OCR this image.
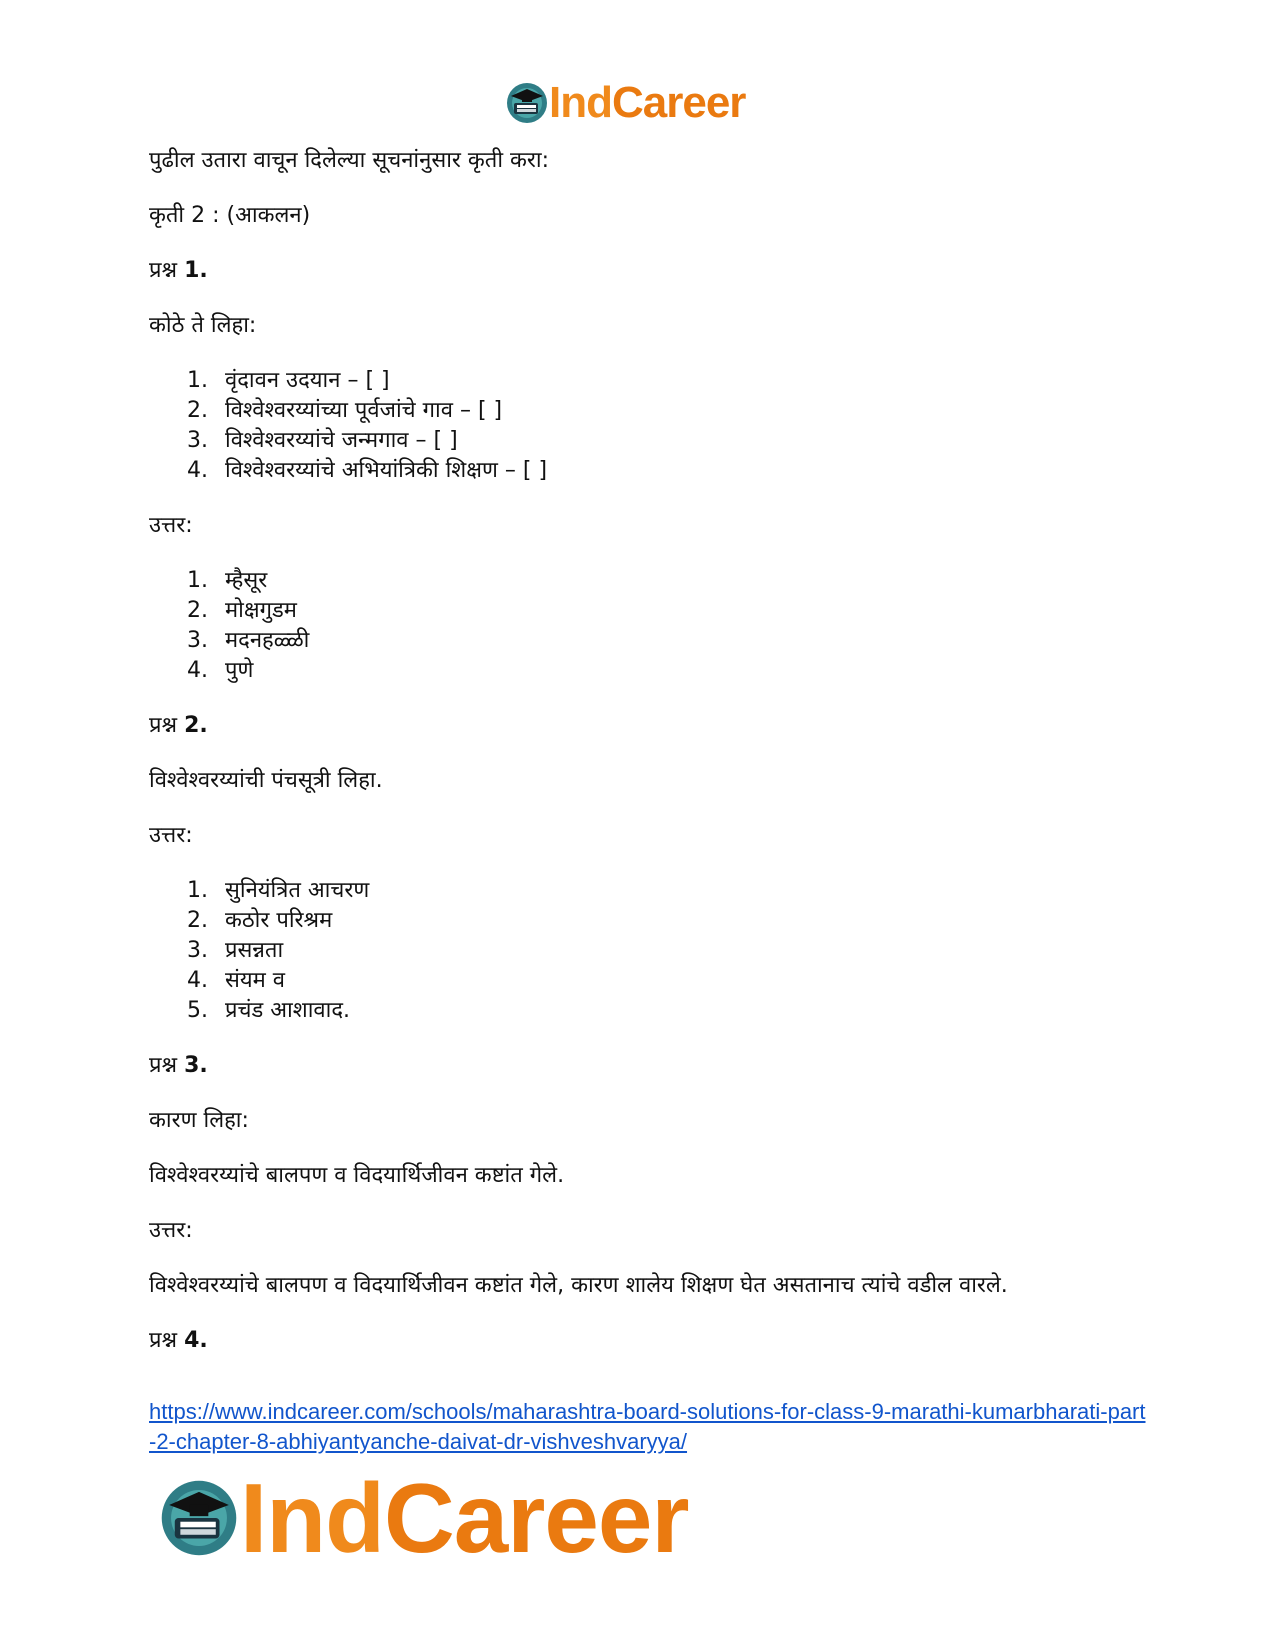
IndCareer

पुढील उतारा वाचून दिलेल्या सूचनांनुसार कृती करा:

कृती 2 : (आकलन)

प्रश्न 1.

कोठे ते लिहा:

1. वृंदावन उदयान – [ ]
2. विश्वेश्वरय्यांच्या पूर्वजांचे गाव – [ ]
3. विश्वेश्वरय्यांचे जन्मगाव – [ ]
4. विश्वेश्वरय्यांचे अभियांत्रिकी शिक्षण – [ ]

उत्तर:

1. म्हैसूर
2. मोक्षगुडम
3. मदनहळ्ळी
4. पुणे

प्रश्न 2.

विश्वेश्वरय्यांची पंचसूत्री लिहा.

उत्तर:

1. सुनियंत्रित आचरण
2. कठोर परिश्रम
3. प्रसन्नता
4. संयम व
5. प्रचंड आशावाद.

प्रश्न 3.

कारण लिहा:

विश्वेश्वरय्यांचे बालपण व विदयार्थिजीवन कष्टांत गेले.

उत्तर:

विश्वेश्वरय्यांचे बालपण व विदयार्थिजीवन कष्टांत गेले, कारण शालेय शिक्षण घेत असतानाच त्यांचे वडील वारले.

प्रश्न 4.

https://www.indcareer.com/schools/maharashtra-board-solutions-for-class-9-marathi-kumarbharati-part-2-chapter-8-abhiyantyanche-daivat-dr-vishveshvaryya/
IndCareer
